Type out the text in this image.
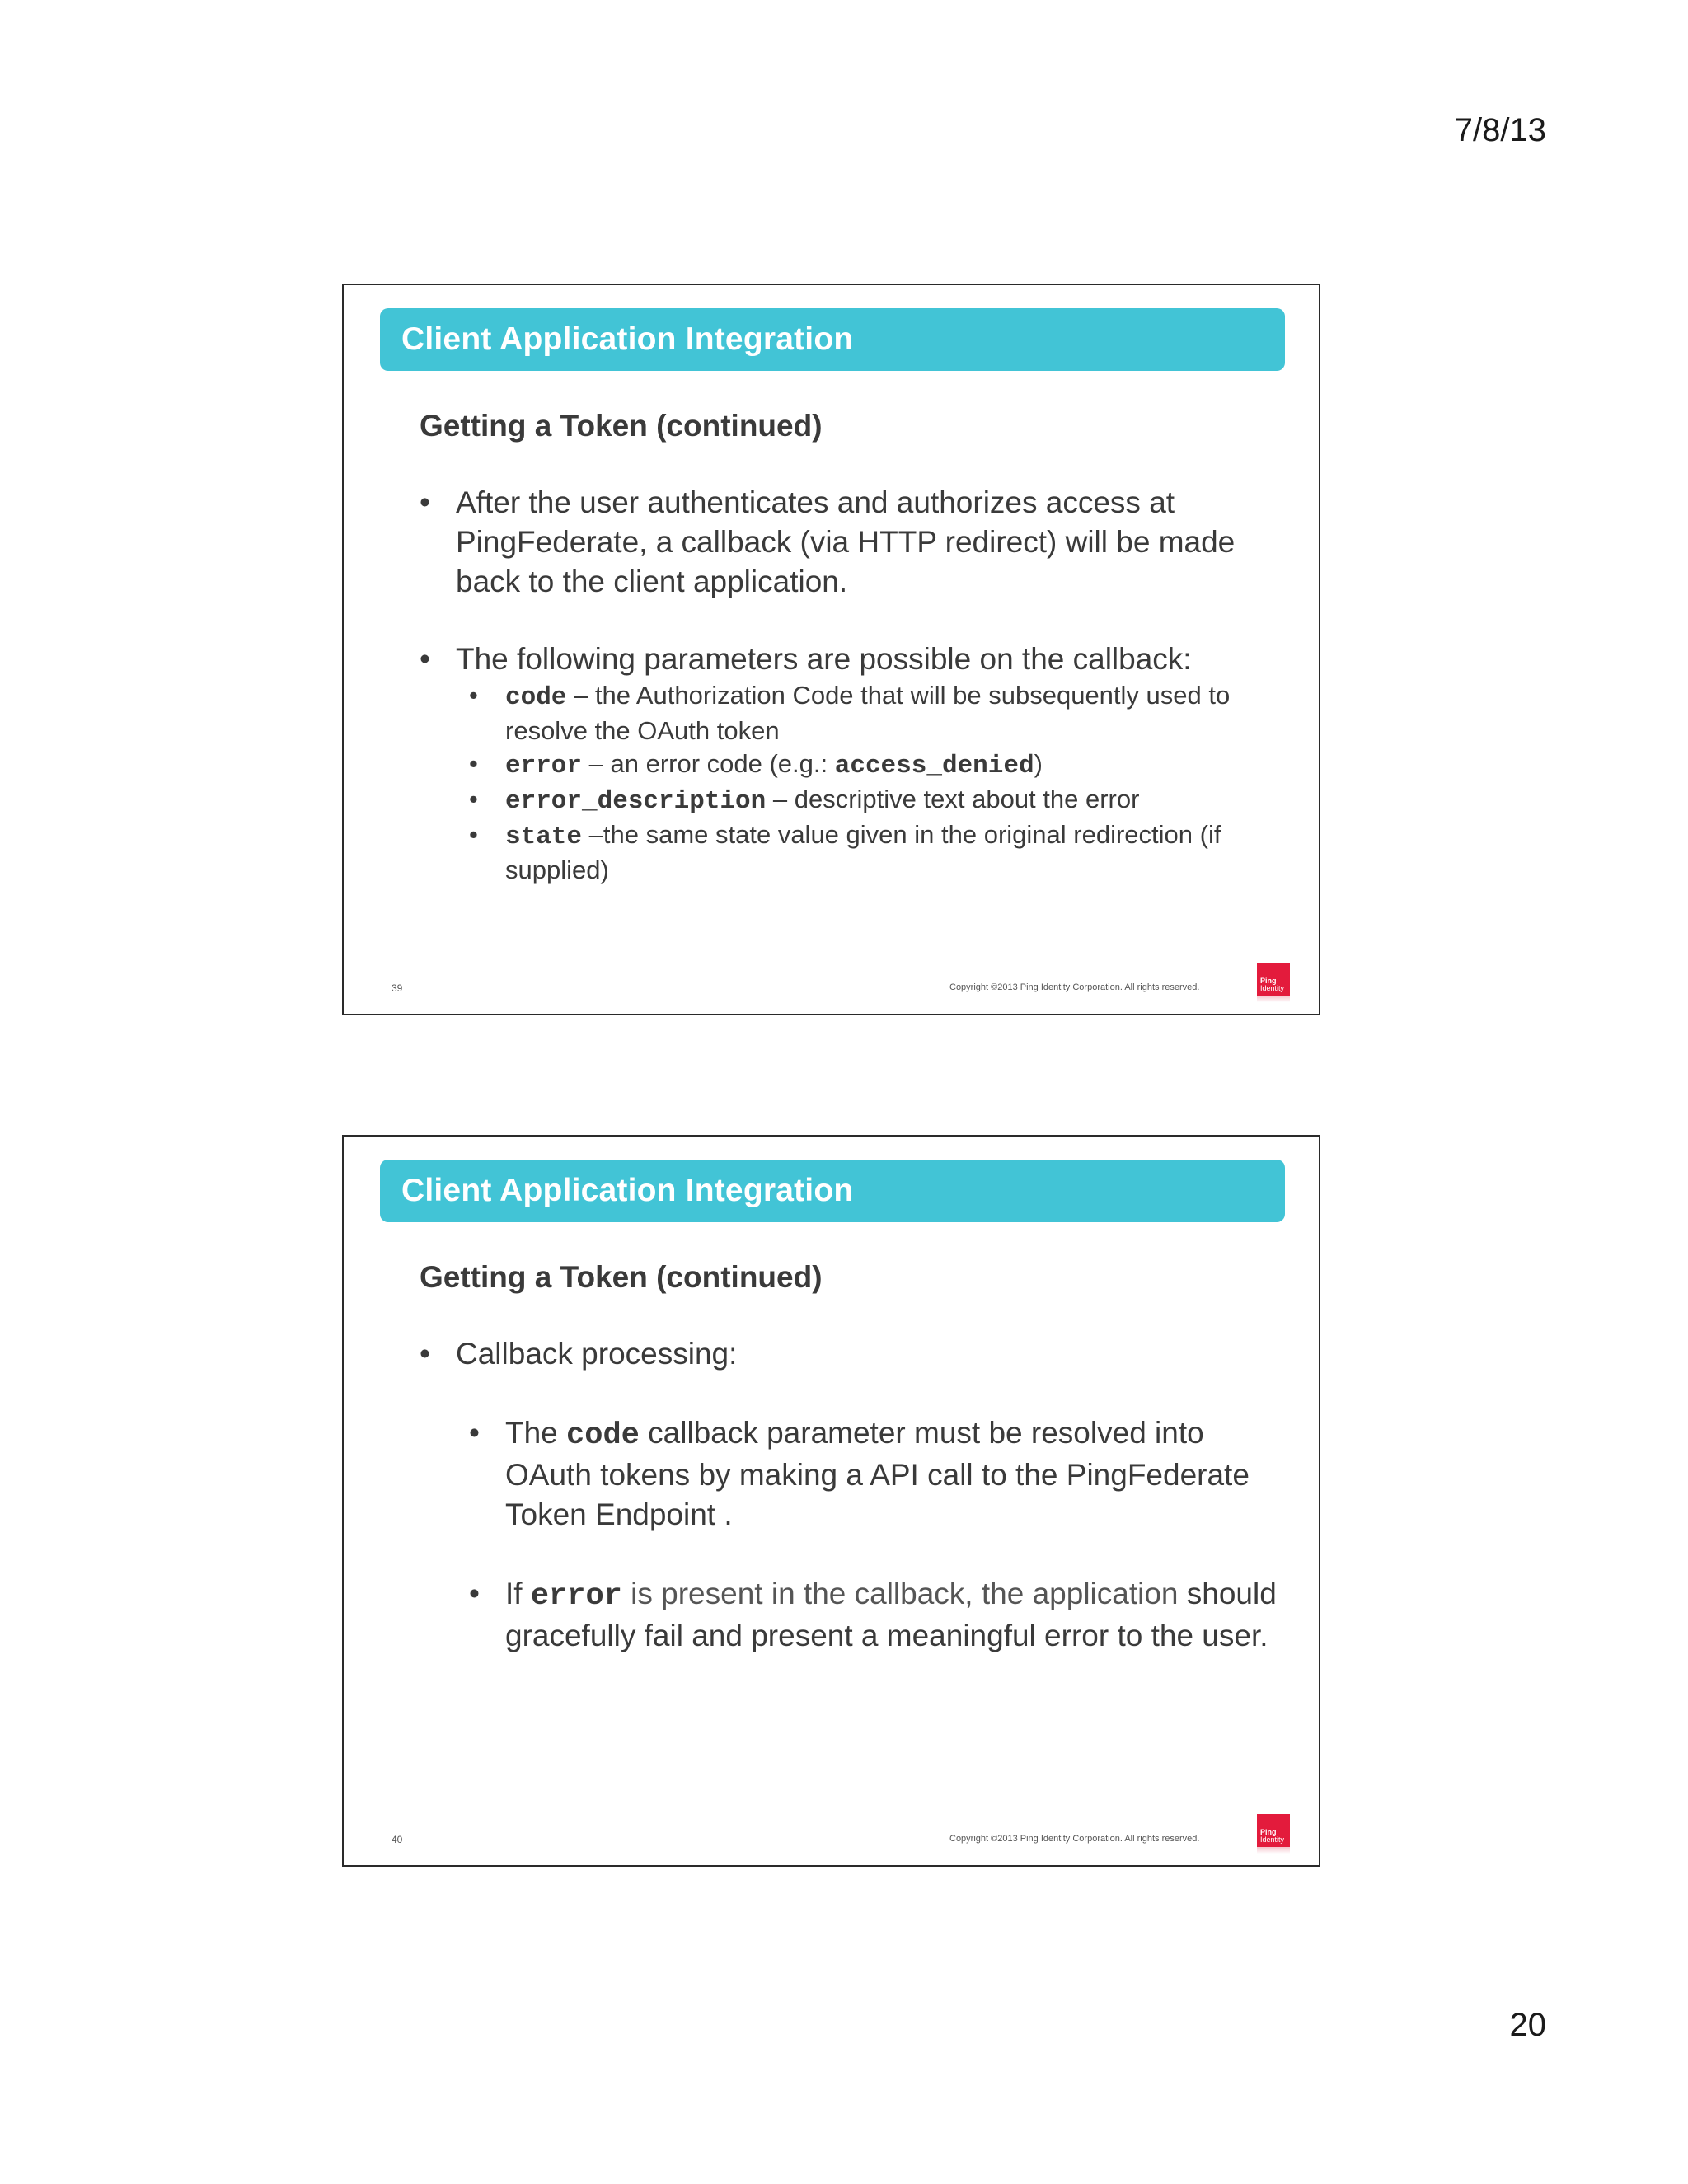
7/8/13
Client Application Integration
Getting a Token (continued)
• After the user authenticates and authorizes access at PingFederate, a callback (via HTTP redirect) will be made back to the client application.
• The following parameters are possible on the callback:
• code – the Authorization Code that will be subsequently used to resolve the OAuth token
• error – an error code (e.g.: access_denied)
• error_description – descriptive text about the error
• state –the same state value given in the original redirection (if supplied)
39	Copyright ©2013 Ping Identity Corporation. All rights reserved.
Ping
Identity
Client Application Integration
Getting a Token (continued)
• Callback processing:
• The code callback parameter must be resolved into OAuth tokens by making a API call to the PingFederate Token Endpoint .
• If error is present in the callback, the application should gracefully fail and present a meaningful error to the user.
40	Copyright ©2013 Ping Identity Corporation. All rights reserved.
Ping
Identity
20
